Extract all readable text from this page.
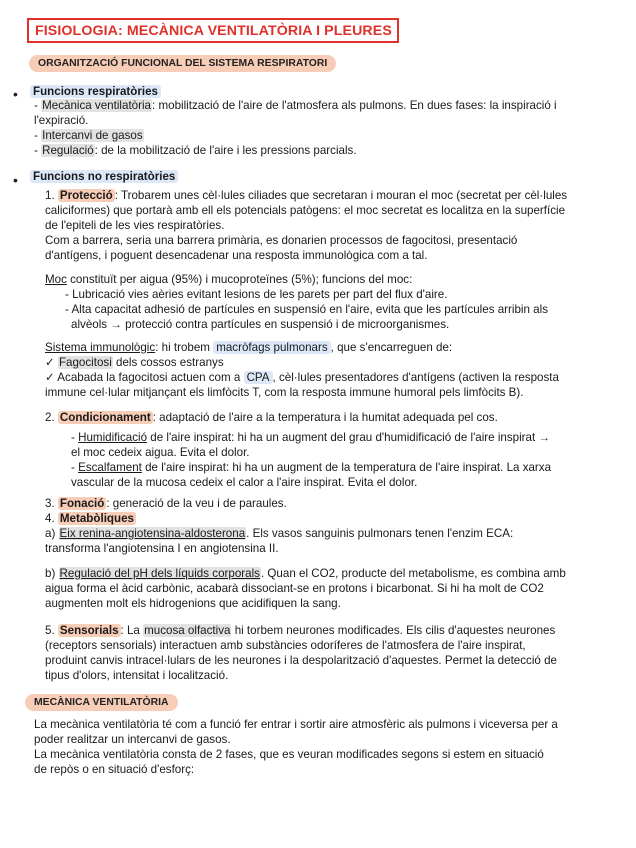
FISIOLOGIA: MECÀNICA VENTILATÒRIA I PLEURES
ORGANITZACIÓ FUNCIONAL DEL SISTEMA RESPIRATORI
• Funcions respiratòries

- Mecànica ventilatòria: mobilització de l'aire de l'atmosfera als pulmons. En dues fases: la inspiració i

l'expiració.

- Intercanvi de gasos

- Regulació: de la mobilització de l'aire i les pressions parcials.

• Funcions no respiratòries

1. Protecció : Trobarem unes cèl·lules ciliades que secretaran i mouran el moc (secretat per cèl·lules

caliciformes) que portarà amb ell els potencials patògens: el moc secretat es localitza en la superfície

de l'epiteli de les vies respiratòries.

Com a barrera, seria una barrera primària, es donarien processos de fagocitosi, presentació

d'antígens, i poguent desencadenar una resposta immunològica com a tal.

Moc constituït per aigua (95%) i mucoproteïnes (5%); funcions del moc:

- Lubricació vies aèries evitant lesions de les parets per part del flux d'aire.

- Alta capacitat adhesió de partícules en suspensió en l'aire, evita que les partícules arribin als

alvèols → protecció contra partícules en suspensió i de microorganismes.

Sistema immunològic: hi trobem macròfags pulmonars , que s'encarreguen de:

✓ Fagocitosi dels cossos estranys

✓ Acabada la fagocitosi actuen com a CPA , cèl·lules presentadores d'antígens (activen la resposta

immune cel·lular mitjançant els limfòcits T, com la resposta immune humoral pels limfòcits B).

2. Condicionament : adaptació de l'aire a la temperatura i la humitat adequada pel cos.

- Humidificació de l'aire inspirat: hi ha un augment del grau d'humidificació de l'aire inspirat →

el moc cedeix aigua. Evita el dolor.

- Escalfament de l'aire inspirat: hi ha un augment de la temperatura de l'aire inspirat. La xarxa

vascular de la mucosa cedeix el calor a l'aire inspirat. Evita el dolor.

3. Fonació : generació de la veu i de paraules.

4. Metabòliques

a) Eix renina-angiotensina-aldosterona. Els vasos sanguinis pulmonars tenen l'enzim ECA:

transforma l'angiotensina I en angiotensina II.

b) Regulació del pH dels líquids corporals. Quan el CO2, producte del metabolisme, es combina amb

aigua forma el àcid carbònic, acabarà dissociant-se en protons i bicarbonat. Si hi ha molt de CO2

augmenten molt els hidrogenions que acidifiquen la sang.

5. Sensorials : La mucosa olfactiva hi torbem neurones modificades. Els cilis d'aquestes neurones

(receptors sensorials) interactuen amb substàncies odoríferes de l'atmosfera de l'aire inspirat,

produint canvis intracel·lulars de les neurones i la despolarització d'aquestes. Permet la detecció de

tipus d'olors, intensitat i localització.

MECÀNICA VENTILATÒRIA

La mecànica ventilatòria té com a funció fer entrar i sortir aire atmosfèric als pulmons i viceversa per a

poder realitzar un intercanvi de gasos.

La mecànica ventilatòria consta de 2 fases, que es veuran modificades segons si estem en situació

de repòs o en situació d'esforç:
